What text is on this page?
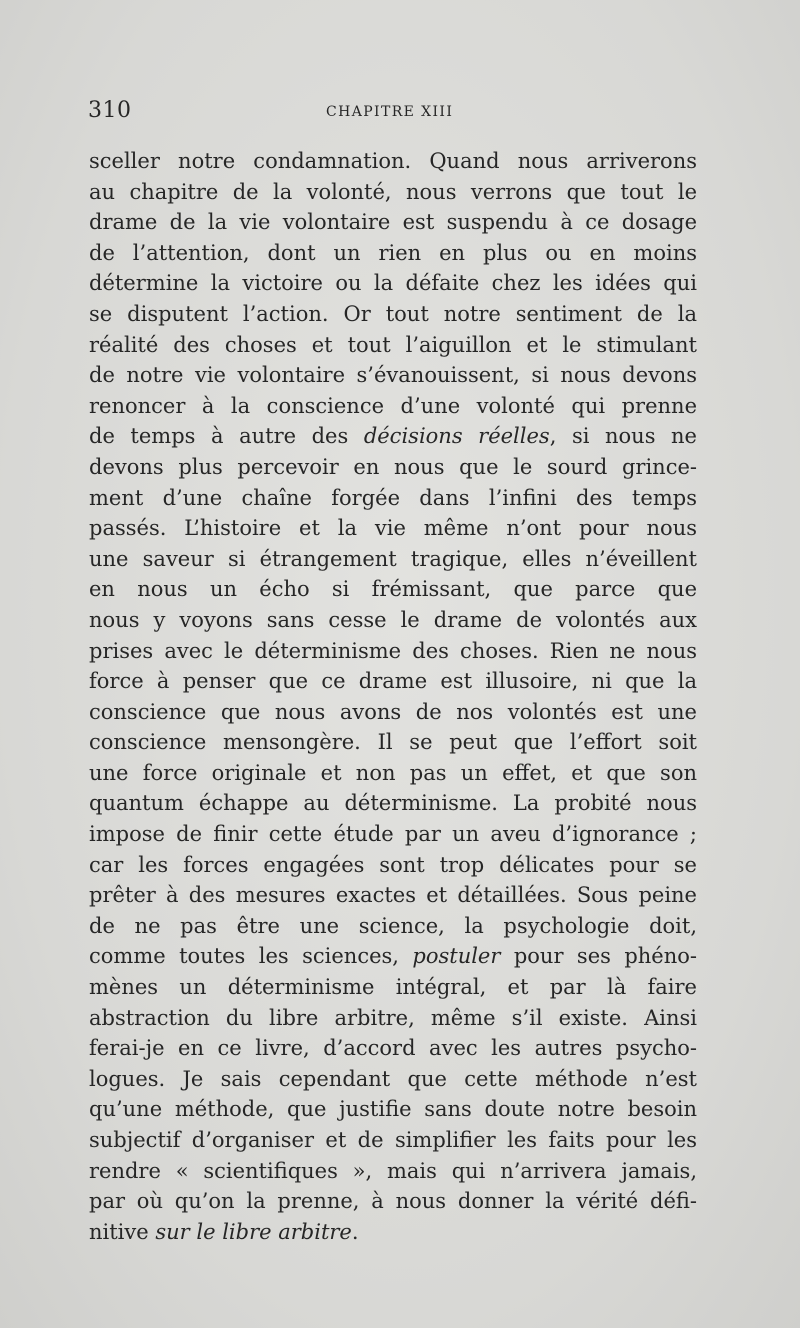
310	CHAPITRE XIII
sceller notre condamnation. Quand nous arriverons
au chapitre de la volonté, nous verrons que tout le
drame de la vie volontaire est suspendu à ce dosage
de l’attention, dont un rien en plus ou en moins
détermine la victoire ou la défaite chez les idées qui
se disputent l’action. Or tout notre sentiment de la
réalité des choses et tout l’aiguillon et le stimulant
de notre vie volontaire s’évanouissent, si nous devons
renoncer à la conscience d’une volonté qui prenne
de temps à autre des décisions réelles, si nous ne
devons plus percevoir en nous que le sourd grince-
ment d’une chaîne forgée dans l’infini des temps
passés. L’histoire et la vie même n’ont pour nous
une saveur si étrangement tragique, elles n’éveillent
en nous un écho si frémissant, que parce que
nous y voyons sans cesse le drame de volontés aux
prises avec le déterminisme des choses. Rien ne nous
force à penser que ce drame est illusoire, ni que la
conscience que nous avons de nos volontés est une
conscience mensongère. Il se peut que l’effort soit
une force originale et non pas un effet, et que son
quantum échappe au déterminisme. La probité nous
impose de finir cette étude par un aveu d’ignorance ;
car les forces engagées sont trop délicates pour se
prêter à des mesures exactes et détaillées. Sous peine
de ne pas être une science, la psychologie doit,
comme toutes les sciences, postuler pour ses phéno-
mènes un déterminisme intégral, et par là faire
abstraction du libre arbitre, même s’il existe. Ainsi
ferai-je en ce livre, d’accord avec les autres psycho-
logues. Je sais cependant que cette méthode n’est
qu’une méthode, que justifie sans doute notre besoin
subjectif d’organiser et de simplifier les faits pour les
rendre « scientifiques », mais qui n’arrivera jamais,
par où qu’on la prenne, à nous donner la vérité défi-
nitive sur le libre arbitre.
